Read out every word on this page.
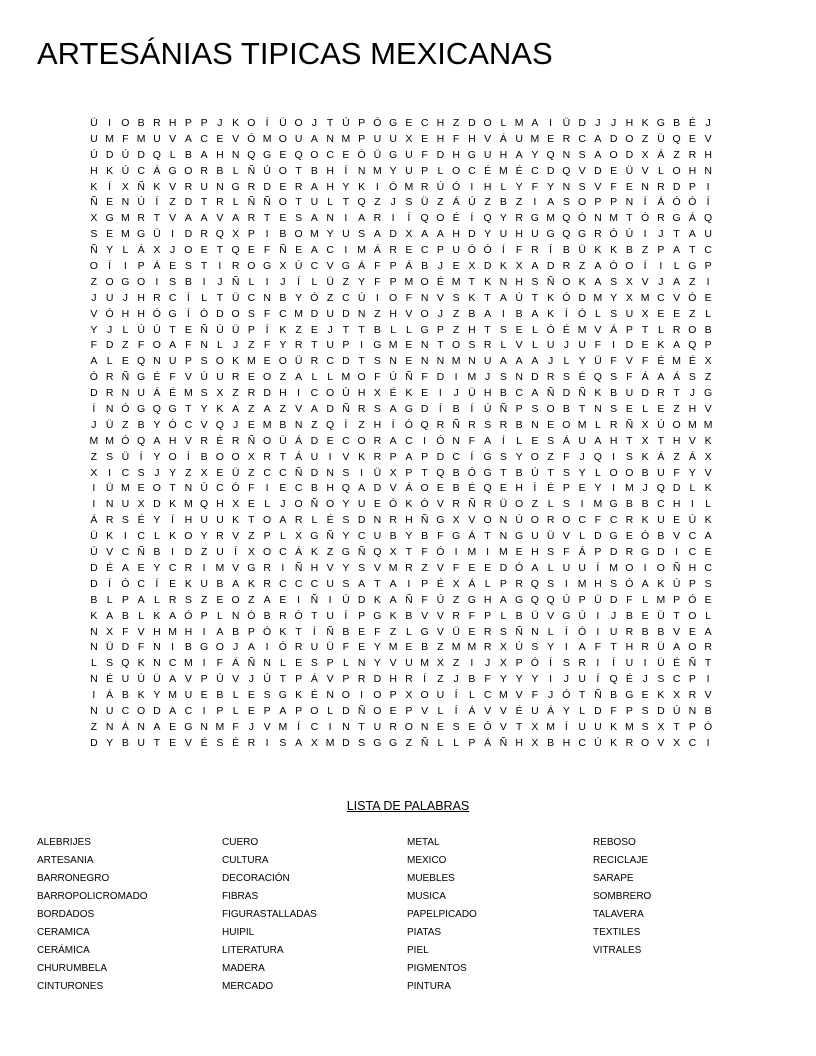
ARTESÁNIAS TIPICAS MEXICANAS
Ü I O B R H P P J K O Í	Ü O J T Ú P Ó G E C H Z D O L M A	I	Ü D J	J H K G B É J
U M F M U V A C E V Ó M O U A N M P U U X E H F H V Á U M E R C A D O Z Ü Q E V
Ú D Ú D Q L B A H N Q G E Q O C E Ó Ü G U F D H G U H A Y Q N S A O D X Á Z R H
H K Ú C Á G O R B L Ñ Ú O T B H Í	N M Y U P L O C É M É C D Q V D E Ü V L O H N
K	Í	X Ñ K V R U N G R D E R A H Y K	I Ó M R Ú Ó I	H L Y F Y N S V F E N R D P	I
Ñ E N Ú Í	Z D T R L Ñ Ñ O T U L T Q Z J S Ü Z Á Ú Z B Z	I	A S O P P N Í	Á Ó Ó Í
X G M R T V A A V A R T E S A N I	A R I	Í Q O É	Í Q Y R G M Q Ó N M T Ó R G Á Q
S E M G Ü I	D R Q X P	I	B O M Y U S A D X A A H D Y U H U G Q G R Ó Ú I	J T A U
Ñ Y L Á X J O E T Q E F Ñ E A C I M Á R E C P U Ó Ó Í	F R Í	B Ü K K B Z P A T C
O Í	I	P Á E S T	I	R O G X Ú C V G Á F P Á B J E X D K X A D R Z A Ó O Í	I	L G P
Z O G O I	S B	I	J Ñ L	I	J	Í	L Ü Z Y F P M O É M T K N H S Ñ O K A S X V J A Z	I
J U J H R C Í	L T Ü C N B Y Ó Z C Ú I O F N V S K T A Ú T K Ó D M Y X M C V Ó E
V Ó H H Ó G Í Ó D O S F C M D U D N Z H V O J Z B A	I	B A K	Í Ó L S U X E E Z L
Y J L Ú Ú T E Ñ Ú Ü P	Í	K Z E J T T B L L G P Z H T S E L Ó É M V Á P T L R O B
F D Z F O A F N L J Z F Y R T U P	I G M E N T O S R L V L U J U F	I	D E K A Q P
A L E Q N U P S O K M E O Ü R C D T S N E N N M N U A A A J L Y Ü F V F É M É X
Ó R Ñ G É F V Ú U R E O Z A L L M O F Ú Ñ F D I M J S N D R S É Q S F Á A Á S Z
D R N U Á É M S X Z R D H I	C O Ú H X É K E	I	J Ü H B C A Ñ D Ñ K B U D R T J G
Í	N Ó G Q G T Y K A Z A Z V A D Ñ R S A G D Í	B	Í	Ú Ñ P S O B T N S E L E Z H V
J Ü Z B Y Ó C V Q J E M B N Z Q Í	Z H Í Ó Q R Ñ R S R B N E O M L R Ñ X Ú O M M
M M Ó Q A H V R É R Ñ O Ü Á D E C O R A C I Ó N F A	Í	L E S Á U A H T X T H V K
Z S Ü Í	Y O Í	B O O X R T Á U I	V K R P A P D C Í G S Y O Z F J Q I	S K Á Z Á X
X	I	C S J Y Z X E Ü Z C C Ñ D N S	I	Ü X P T Q B Ó G T B Ú T S Y L O O B U F Y V
I	Ü M E O T N Ú C Ó F	I	E C B H Q A D V Á O E B É Q E H Í	É P E Y	I M J Q D L K
I	N U X D K M Q H X E L J O Ñ O Y U E Ó K Ó V R Ñ R Ü O Z L S	I M G B B C H I	L
Á R S É Y	Í	H U U K T O A R L É S D N R H Ñ G X V O N Ú O R O C F C R K U E Ú K
Ü K	I	C L K O Y R V Z P L X G Ñ Y C U B Y B F G Á T N G U Ü V L D G E Ó B V C A
Ú V C Ñ B	I	D Z U Í	X O C Á K Z G Ñ Q X T F Ó I M I M E H S F Á P D R G D I	C E
D É A E Y C R I M V G R I	Ñ H V Y S V M R Z V F E E D Ó A L U U Í M O I O Ñ H C
D Í Ó C Í	E K U B A K R C C C U S A T A	I	P É X Á L P R Q S	I M H S Ó A K Ú P S
B L P A L R S Z E O Z A E	I	Ñ I	Ú D K A Ñ F Ú Z G H A G Q Q Ú P Ü D F L M P Ó E
K A B L K A Ó P L N Ó B R Ó T U Í	P G K B V V R F P L B Ü V G Ú I	J B E Ü T O L
N X F V H M H I	A B P Ó K T	Í	Ñ B E F Z L G V Ü E R S Ñ N L	Í Ó I	U R B B V E A
N Ü D F N I	B G O J A	I Ó R U Ü F E Y M E B Z M M R X Ú S Y	I	A F T H R Ü A O R
L S Q K N C M I	F Á Ñ N L E S P L N Y V U M X Z	I	J X P Ó Í	S R I	Í	U I	Ü É Ñ T
N É U Ú Ü A V P Ú V J Ú T P Á V P R D H R Í	Z J B F Y Y Y	I	J U Í Q É J S C P	I
I	Á B K Y M U E B L E S G K É N O I O P X O U Í	L C M V F J Ó T Ñ B G E K X R V
N U C O D A C I	P L E P A P O L D Ñ O E P V L	Í	Á V V É U Á Y L D F P S D Ú N B
Z N Á N A E G N M F J V M Í	C I	N T U R O N E S E Ó V T X M Í	U U K M S X T P Ó
D Y B U T E V É S É R I	S A X M D S G G Z Ñ L L P Á Ñ H X B H C Ú K R O V X C I
LISTA DE PALABRAS
ALEBRIJES
ARTESANIA
BARRONEGRO
BARROPOLICROMADO
BORDADOS
CERAMICA
CERÁMICA
CHURUMBELA
CINTURONES
CUERO
CULTURA
DECORACIÓN
FIBRAS
FIGURASTALLADAS
HUIPIL
LITERATURA
MADERA
MERCADO
METAL
MEXICO
MUEBLES
MUSICA
PAPELPICADO
PIATAS
PIEL
PIGMENTOS
PINTURA
REBOSO
RECICLAJE
SARAPE
SOMBRERO
TALAVERA
TEXTILES
VITRALES
